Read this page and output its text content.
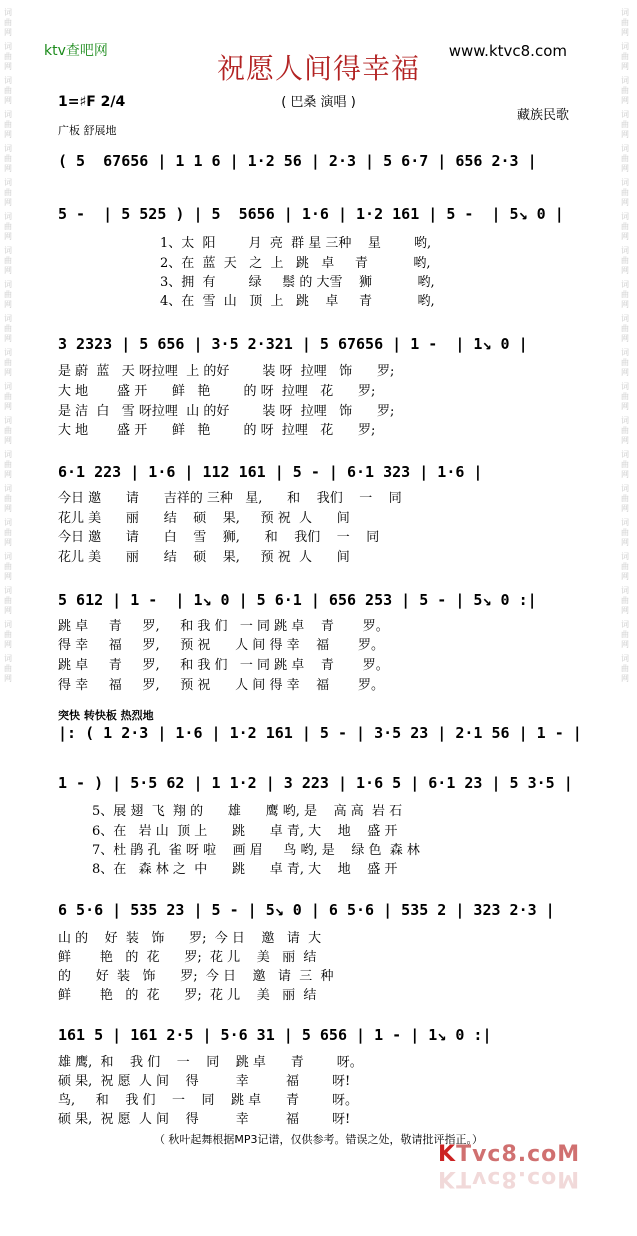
词 曲 网
词 曲 网
词 曲 网
词 曲 网
词 曲 网
词 曲 网
词 曲 网
词 曲 网
词 曲 网
词 曲 网
词 曲 网
词 曲 网
词 曲 网
词 曲 网
词 曲 网
词 曲 网
词 曲 网
词 曲 网
词 曲 网
词 曲 网
词 曲 网
词 曲 网
词 曲 网
词 曲 网
词 曲 网
词 曲 网
词 曲 网
词 曲 网
词 曲 网
词 曲 网
词 曲 网
词 曲 网
词 曲 网
词 曲 网
词 曲 网
词 曲 网
词 曲 网
词 曲 网
词 曲 网
词 曲 网
ktv查吧网	www.ktvc8.com
祝愿人间得幸福
( 巴桑 演唱 )
1=♯F 2/4
广板 舒展地
藏族民歌
( 5  67656 | 1 1 6 | 1·2 56 | 2·3 | 5 6·7 | 656 2·3 |
5 -  | 5 525 ) | 5  5656 | 1·6 | 1·2 161 | 5 -  | 5↘ 0 |
1、太  阳        月  亮  群 星 三种    星        哟,
2、在  蓝  天   之  上   跳   卓     青           哟,
3、拥  有        绿     鬃 的 大雪    狮           哟,
4、在  雪  山   顶  上   跳    卓     青           哟,
3 2323 | 5 656 | 3·5 2·321 | 5 67656 | 1 -  | 1↘ 0 |
是 蔚  蓝   天 呀拉哩  上 的好        装 呀  拉哩   饰      罗;
大 地       盛 开      鲜   艳        的 呀  拉哩   花      罗;
是 洁  白   雪 呀拉哩  山 的好        装 呀  拉哩   饰      罗;
大 地       盛 开      鲜   艳        的 呀  拉哩   花      罗;
6·1 223 | 1·6 | 112 161 | 5 - | 6·1 323 | 1·6 |
今日 邀      请      吉祥的 三种   星,      和    我们    一    同
花儿 美      丽      结    硕    果,     预 祝  人      间
今日 邀      请      白    雪    狮,      和    我们    一    同
花儿 美      丽      结    硕    果,     预 祝  人      间
5 612 | 1 -  | 1↘ 0 | 5 6·1 | 656 253 | 5 - | 5↘ 0 :|
跳 卓     青     罗,     和 我 们   一 同 跳 卓    青       罗。
得 幸     福     罗,     预 祝      人 间 得 幸    福       罗。
跳 卓     青     罗,     和 我 们   一 同 跳 卓    青       罗。
得 幸     福     罗,     预 祝      人 间 得 幸    福       罗。
突快 转快板 热烈地
|: ( 1 2·3 | 1·6 | 1·2 161 | 5 - | 3·5 23 | 2·1 56 | 1 - |
1 - ) | 5·5 62 | 1 1·2 | 3 223 | 1·6 5 | 6·1 23 | 5 3·5 |
5、展 翅  飞  翔 的      雄      鹰 哟, 是    高 高  岩 石
6、在   岩 山  顶 上      跳      卓 青, 大    地    盛 开
7、杜 鹃 孔  雀 呀 啦    画 眉     鸟 哟, 是    绿 色  森 林
8、在   森 林 之  中      跳      卓 青, 大    地    盛 开
6 5·6 | 535 23 | 5 - | 5↘ 0 | 6 5·6 | 535 2 | 323 2·3 |
山 的    好  装   饰      罗;  今 日    邀   请  大
鲜       艳   的  花      罗;  花 儿    美   丽  结
的      好  装   饰      罗;  今 日    邀   请  三  种
鲜       艳   的  花      罗;  花 儿    美   丽  结
161 5 | 161 2·5 | 5·6 31 | 5 656 | 1 - | 1↘ 0 :|
雄 鹰,  和    我 们    一    同    跳 卓      青        呀。
硕 果,  祝 愿  人 间    得         幸         福        呀!
鸟,     和    我 们    一    同    跳 卓      青        呀。
硕 果,  祝 愿  人 间    得         幸         福        呀!
（ 秋叶起舞根据MP3记谱，仅供参考。错误之处，敬请批评指正。）
KTvc8.coM
KTvc8.coM
